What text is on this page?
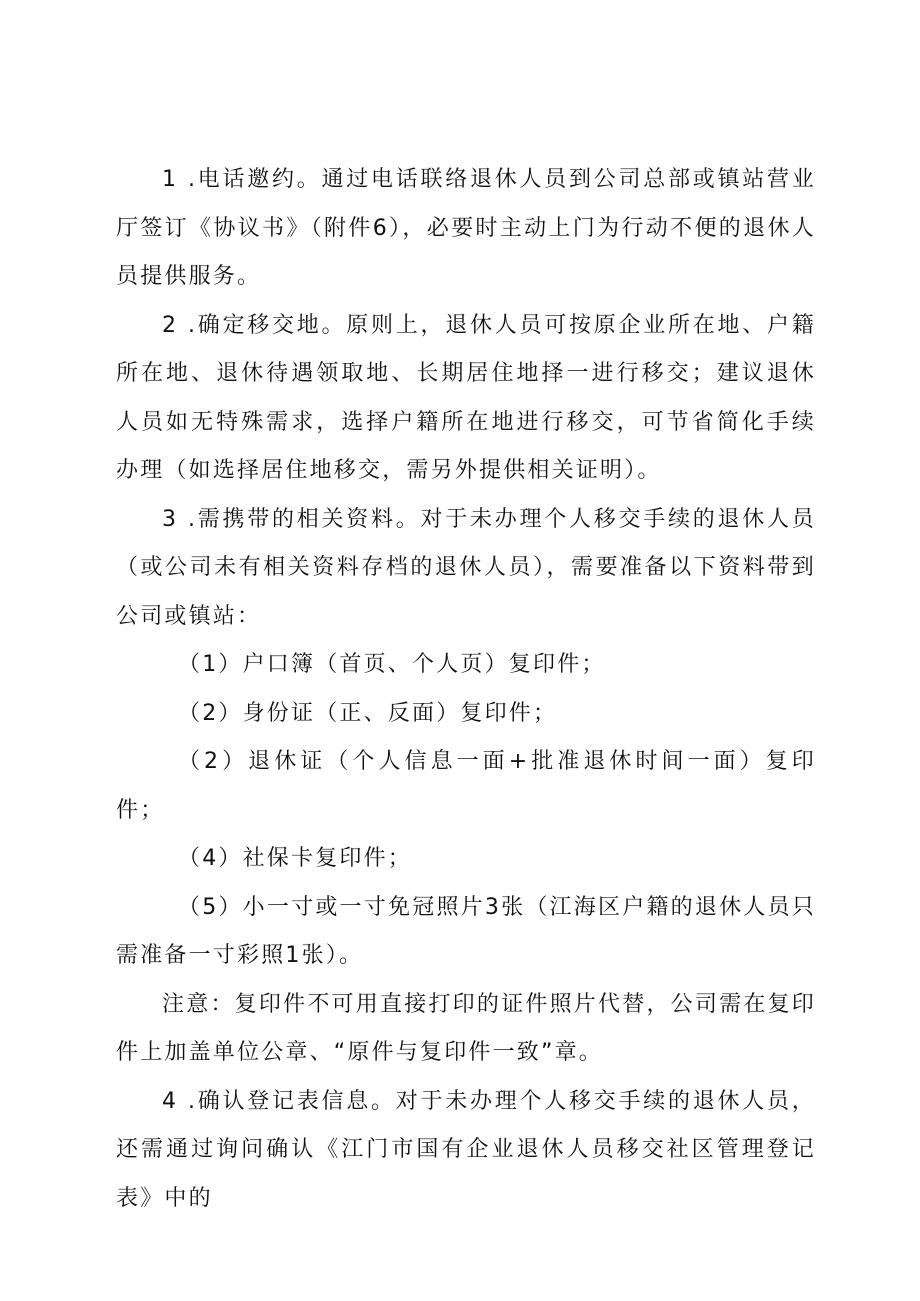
1 .电话邀约。通过电话联络退休人员到公司总部或镇站营业厅签订《协议书》（附件6），必要时主动上门为行动不便的退休人员提供服务。

2 .确定移交地。原则上，退休人员可按原企业所在地、户籍所在地、退休待遇领取地、长期居住地择一进行移交；建议退休人员如无特殊需求，选择户籍所在地进行移交，可节省简化手续办理（如选择居住地移交，需另外提供相关证明）。

3 .需携带的相关资料。对于未办理个人移交手续的退休人员（或公司未有相关资料存档的退休人员），需要准备以下资料带到公司或镇站：

（1）户口簿（首页、个人页）复印件；

（2）身份证（正、反面）复印件；

（2）退休证（个人信息一面+批准退休时间一面）复印件；

（4）社保卡复印件；

（5）小一寸或一寸免冠照片3张（江海区户籍的退休人员只需准备一寸彩照1张）。

注意：复印件不可用直接打印的证件照片代替，公司需在复印件上加盖单位公章、“原件与复印件一致”章。

4 .确认登记表信息。对于未办理个人移交手续的退休人员，还需通过询问确认《江门市国有企业退休人员移交社区管理登记表》中的
